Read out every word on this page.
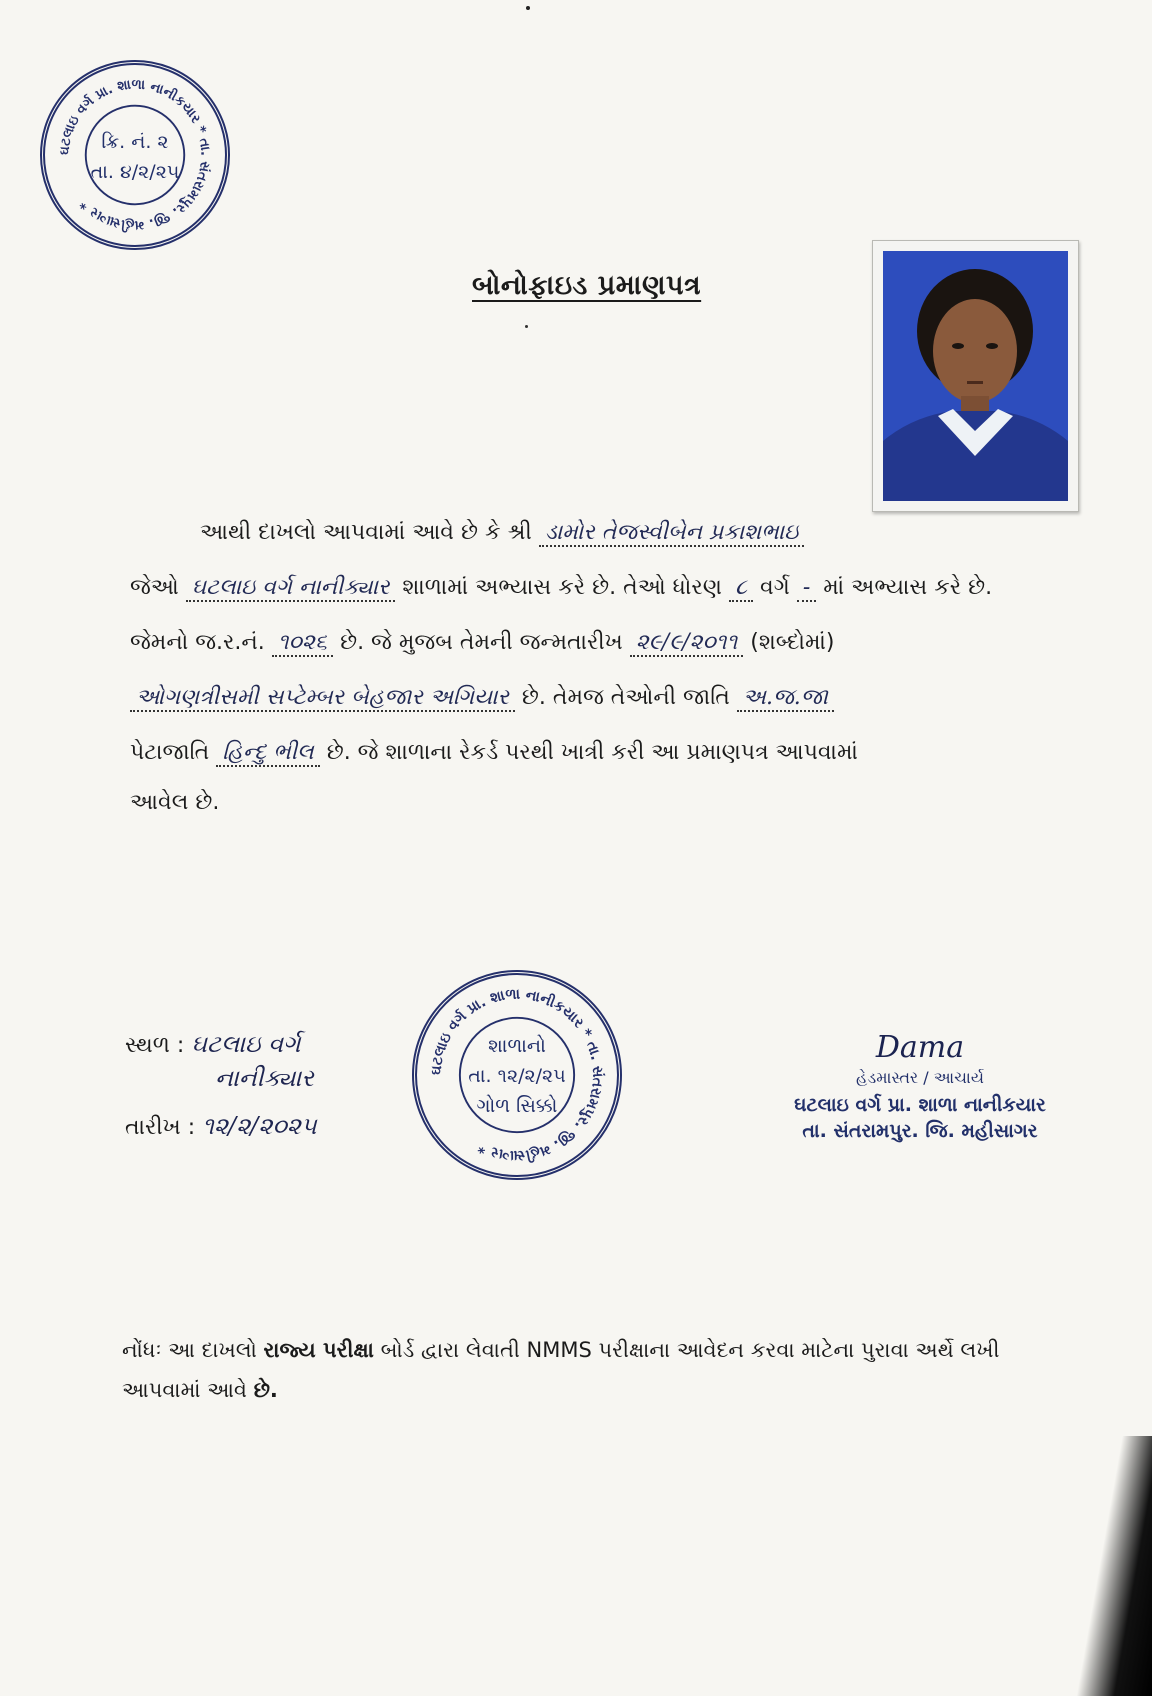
ઘટલાઇ વર્ગ પ્રા. શાળા નાનીકયાર * તા. સંતરામપુર. જી. મહીસાગર *
ક્રિ. નં. ૨
તા. ૪/૨/૨૫
બોનોફાઇડ પ્રમાણપત્ર
આથી દાખલો આપવામાં આવે છે કે શ્રી ડામોર તેજસ્વીબેન પ્રકાશભાઇ
જેઓ ઘટલાઇ વર્ગ નાનીક્યાર શાળામાં અભ્યાસ કરે છે. તેઓ ધોરણ ૮ વર્ગ - માં અભ્યાસ કરે છે.
જેમનો જ.ર.નં. ૧૦૨૬ છે. જે મુજબ તેમની જન્મતારીખ ૨૯/૯/૨૦૧૧ (શબ્દોમાં)
ઓગણત્રીસમી સપ્ટેમ્બર બેહજાર અગિયાર છે. તેમજ તેઓની જાતિ અ.જ.જા
પેટાજાતિ હિન્દુ ભીલ છે. જે શાળાના રેકર્ડ પરથી ખાત્રી કરી આ પ્રમાણપત્ર આપવામાં
આવેલ છે.
સ્થળ : ઘટલાઇ વર્ગ
નાનીક્યાર
તારીખ : ૧૨/૨/૨૦૨૫
ઘટલાઇ વર્ગ પ્રા. શાળા નાનીકયાર * તા. સંતરામપુર. જી. મહીસાગર *
શાળાનો
તા. ૧૨/૨/૨૫
ગોળ સિક્કો
Dama
હેડમાસ્તર / આચાર્ય
ઘટલાઇ વર્ગ પ્રા. શાળા નાનીકયાર
તા. સંતરામપુર. જિ. મહીસાગર
નોંધઃ આ દાખલો રાજ્ય પરીક્ષા બોર્ડ દ્વારા લેવાતી NMMS પરીક્ષાના આવેદન કરવા માટેના પુરાવા અર્થે લખી
આપવામાં આવે છે.
